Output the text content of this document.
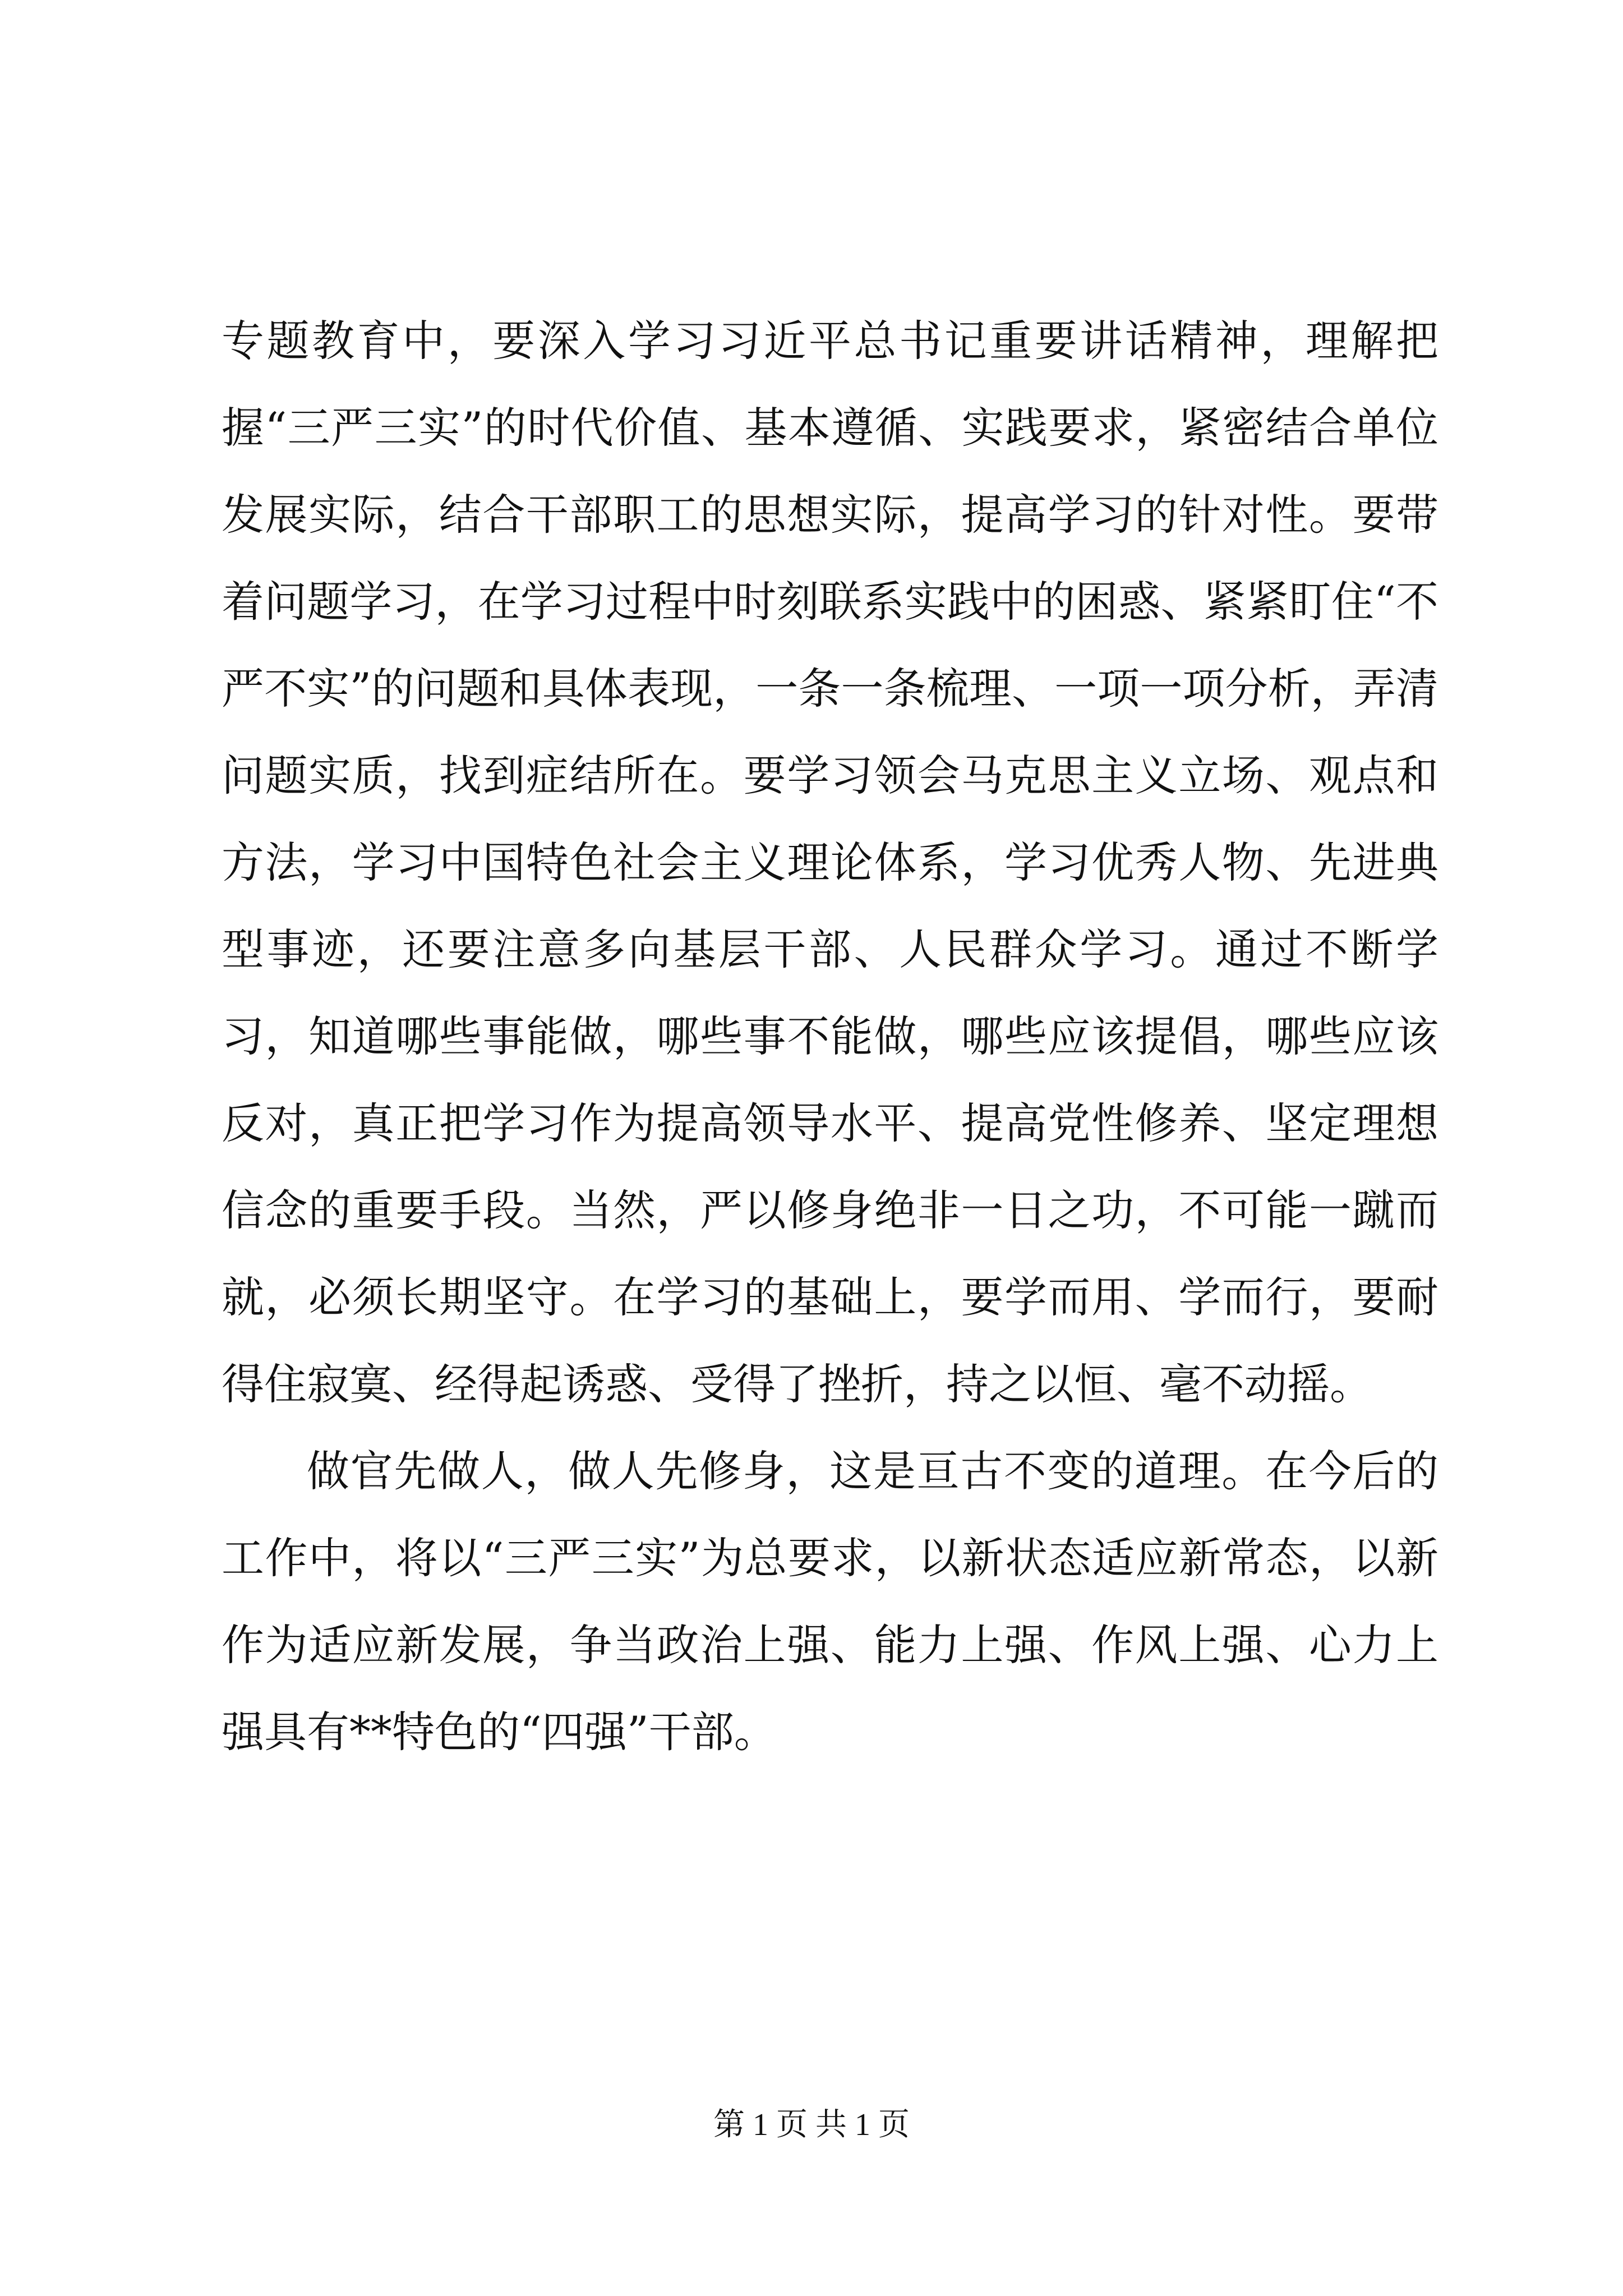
专题教育中，要深入学习习近平总书记重要讲话精神，理解把握“三严三实”的时代价值、基本遵循、实践要求，紧密结合单位发展实际，结合干部职工的思想实际，提高学习的针对性。要带着问题学习，在学习过程中时刻联系实践中的困惑、紧紧盯住“不严不实”的问题和具体表现，一条一条梳理、一项一项分析，弄清问题实质，找到症结所在。要学习领会马克思主义立场、观点和方法，学习中国特色社会主义理论体系，学习优秀人物、先进典型事迹，还要注意多向基层干部、人民群众学习。通过不断学习，知道哪些事能做，哪些事不能做，哪些应该提倡，哪些应该反对，真正把学习作为提高领导水平、提高党性修养、坚定理想信念的重要手段。当然，严以修身绝非一日之功，不可能一蹴而就，必须长期坚守。在学习的基础上，要学而用、学而行，要耐得住寂寞、经得起诱惑、受得了挫折，持之以恒、毫不动摇。

做官先做人，做人先修身，这是亘古不变的道理。在今后的工作中，将以“三严三实”为总要求，以新状态适应新常态，以新作为适应新发展，争当政治上强、能力上强、作风上强、心力上强具有**特色的“四强”干部。

第 1 页 共 1 页
